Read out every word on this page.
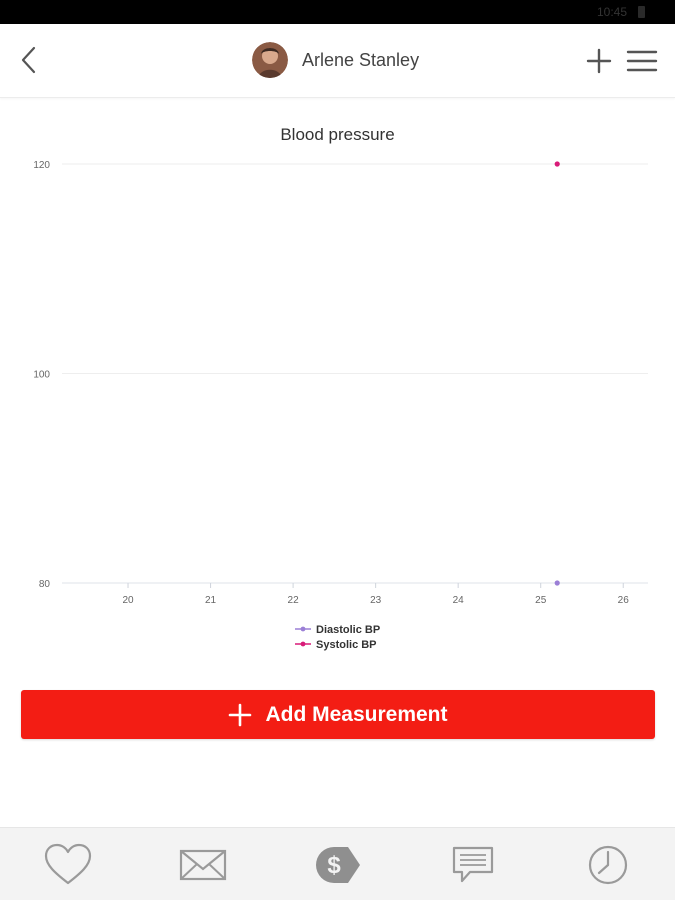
10:45
Arlene Stanley
80
100
120
20	21	22	23	24	25	26
Diastolic BP
Systolic BP
Blood pressure
Add Measurement
$
